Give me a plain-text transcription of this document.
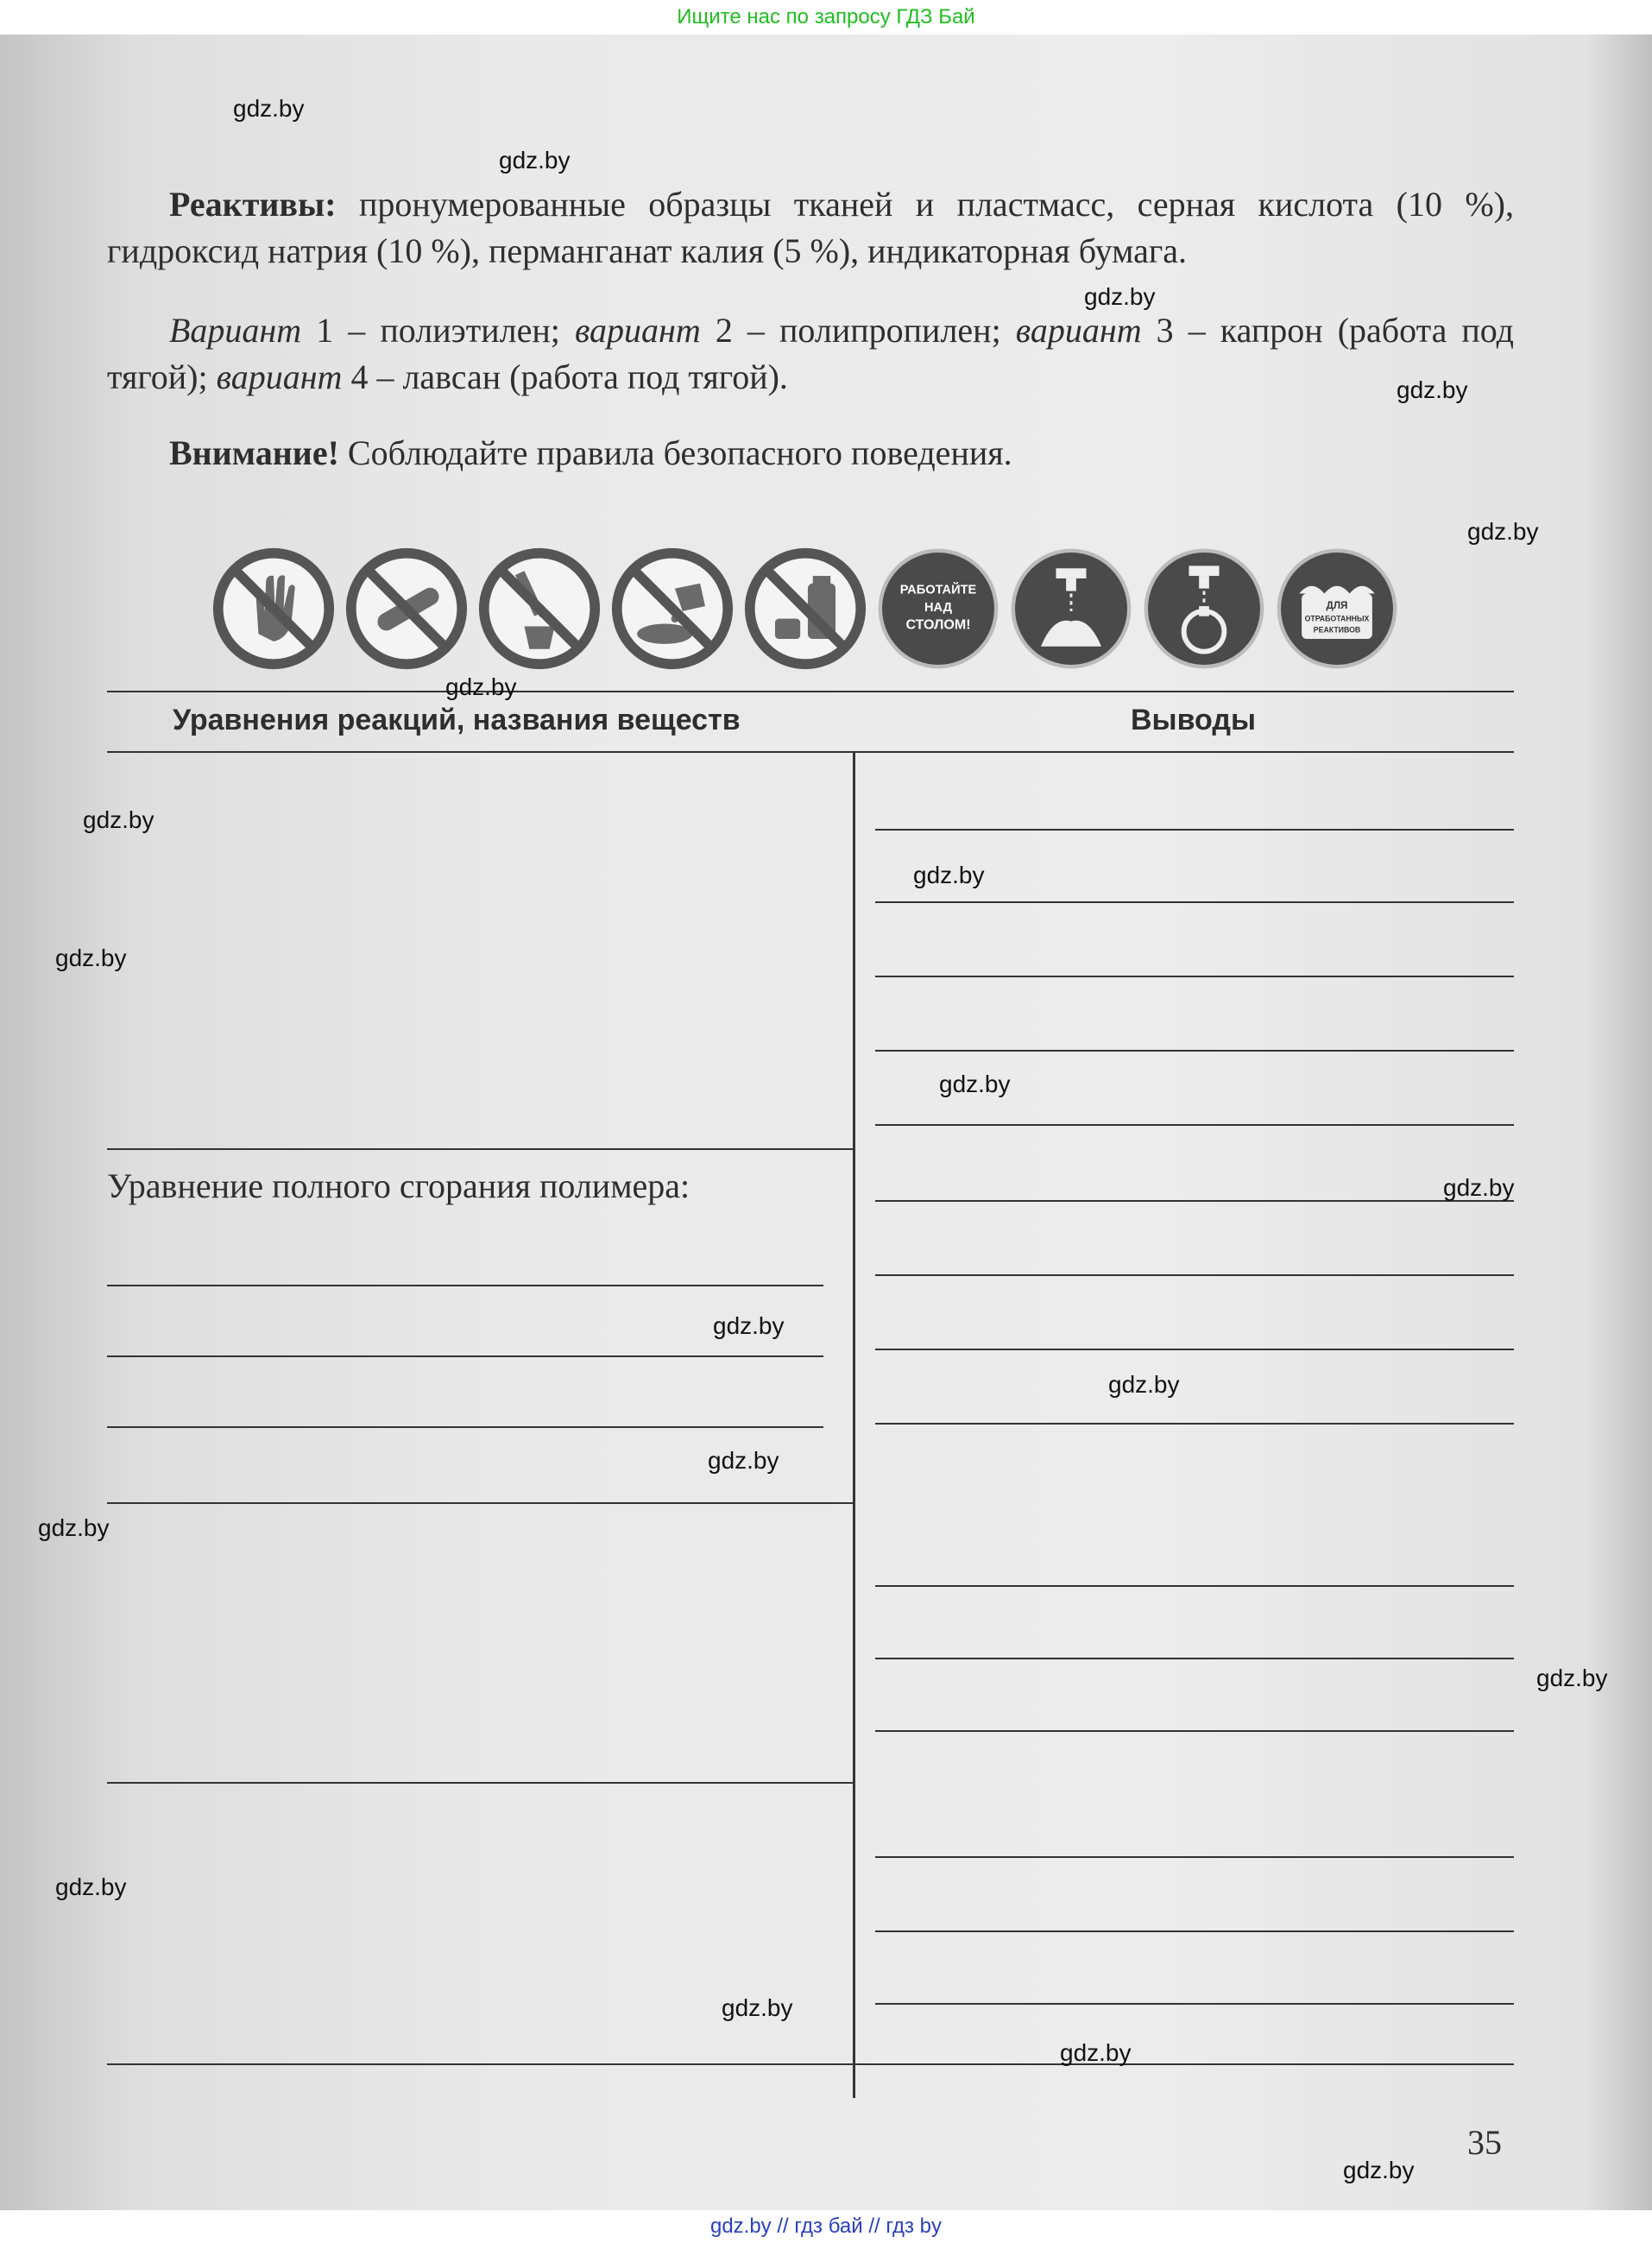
Ищите нас по запросу ГДЗ Бай
Реактивы: пронумерованные образцы тканей и пластмасс, серная кислота (10 %), гидроксид натрия (10 %), перманганат калия (5 %), индикаторная бумага.
Вариант 1 – полиэтилен; вариант 2 – полипропилен; вариант 3 – капрон (работа под тягой); вариант 4 – лавсан (работа под тягой).
Внимание! Соблюдайте правила безопасного поведения.
РАБОТАЙТЕ
НАД
СТОЛОМ!
ДЛЯ
ОТРАБОТАННЫХ
РЕАКТИВОВ
Уравнения реакций, названия веществ	Выводы
Уравнение полного сгорания полимера:
35
gdz.by
gdz.by
gdz.by
gdz.by
gdz.by
gdz.by
gdz.by
gdz.by
gdz.by
gdz.by
gdz.by
gdz.by
gdz.by
gdz.by
gdz.by
gdz.by
gdz.by
gdz.by
gdz.by
gdz.by
gdz.by // гдз бай // гдз by
